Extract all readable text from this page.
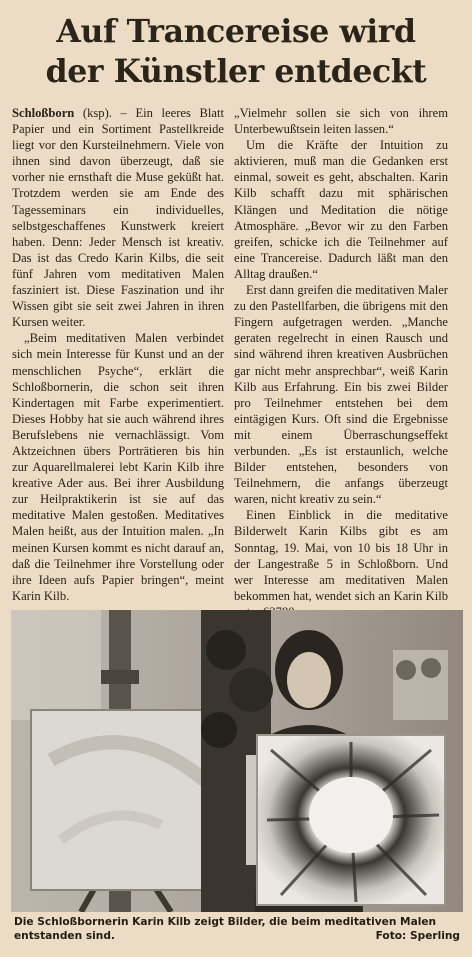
Auf Trancereise wird
der Künstler entdeckt

Schloßborn (ksp). – Ein leeres Blatt Papier und ein Sortiment Pastellkreide liegt vor den Kursteilnehmern. Viele von ihnen sind davon überzeugt, daß sie vorher nie ernsthaft die Muse geküßt hat. Trotzdem werden sie am Ende des Tagesseminars ein individuelles, selbstgeschaffenes Kunstwerk kreiert haben. Denn: Jeder Mensch ist kreativ. Das ist das Credo Karin Kilbs, die seit fünf Jahren vom meditativen Malen fasziniert ist. Diese Faszination und ihr Wissen gibt sie seit zwei Jahren in ihren Kursen weiter.

„Beim meditativen Malen verbindet sich mein Interesse für Kunst und an der menschlichen Psyche“, erklärt die Schloßbornerin, die schon seit ihren Kindertagen mit Farbe experimentiert. Dieses Hobby hat sie auch während ihres Berufslebens nie vernachlässigt. Vom Aktzeichnen übers Porträtieren bis hin zur Aquarellmalerei lebt Karin Kilb ihre kreative Ader aus. Bei ihrer Ausbildung zur Heilpraktikerin ist sie auf das meditative Malen gestoßen. Meditatives Malen heißt, aus der Intuition malen. „In meinen Kursen kommt es nicht darauf an, daß die Teilnehmer ihre Vorstellung oder ihre Ideen aufs Papier bringen“, meint Karin Kilb.

„Vielmehr sollen sie sich von ihrem Unterbewußtsein leiten lassen.“

Um die Kräfte der Intuition zu aktivieren, muß man die Gedanken erst einmal, soweit es geht, abschalten. Karin Kilb schafft dazu mit sphärischen Klängen und Meditation die nötige Atmosphäre. „Bevor wir zu den Farben greifen, schicke ich die Teilnehmer auf eine Trancereise. Dadurch läßt man den Alltag draußen.“

Erst dann greifen die meditativen Maler zu den Pastellfarben, die übrigens mit den Fingern aufgetragen werden. „Manche geraten regelrecht in einen Rausch und sind während ihren kreativen Ausbrüchen gar nicht mehr ansprechbar“, weiß Karin Kilb aus Erfahrung. Ein bis zwei Bilder pro Teilnehmer entstehen bei dem eintägigen Kurs. Oft sind die Ergebnisse mit einem Überraschungseffekt verbunden. „Es ist erstaunlich, welche Bilder entstehen, besonders von Teilnehmern, die anfangs überzeugt waren, nicht kreativ zu sein.“

Einen Einblick in die meditative Bilderwelt Karin Kilbs gibt es am Sonntag, 19. Mai, von 10 bis 18 Uhr in der Langestraße 5 in Schloßborn. Und wer Interesse am meditativen Malen bekommen hat, wendet sich an Karin Kilb

Die Schloßbornerin Karin Kilb zeigt Bilder, die beim meditativen Malen entstanden sind.	Foto: Sperling
